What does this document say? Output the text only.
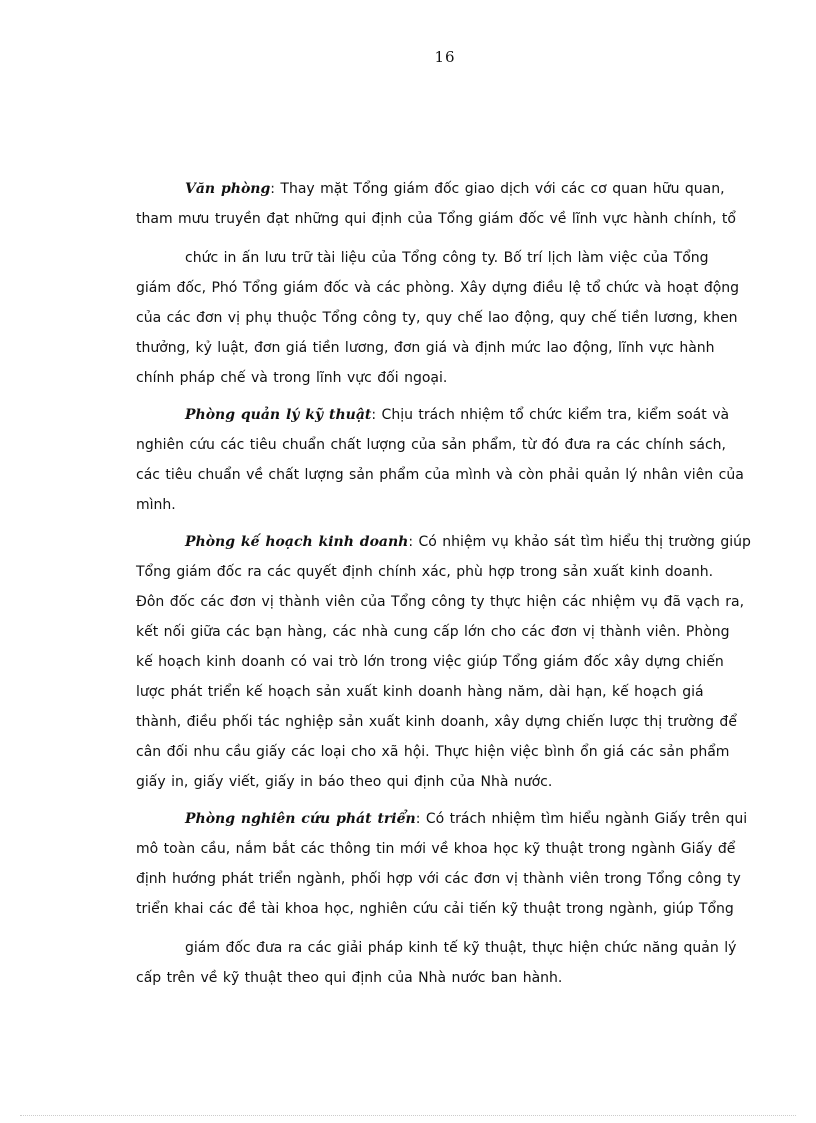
16
Văn phòng: Thay mặt Tổng giám đốc giao dịch với các cơ quan hữu quan,
tham mưu truyền đạt những qui định của Tổng giám đốc về lĩnh vực hành chính, tổ
chức in ấn lưu trữ tài liệu của Tổng công ty. Bố trí lịch làm việc của Tổng
giám đốc, Phó Tổng giám đốc và các phòng. Xây dựng điều lệ tổ chức và hoạt động
của các đơn vị phụ thuộc Tổng công ty, quy chế lao động, quy chế tiền lương, khen
thưởng, kỷ luật, đơn giá tiền lương, đơn giá và định mức lao động, lĩnh vực hành
chính pháp chế và trong lĩnh vực đối ngoại.
Phòng quản lý kỹ thuật: Chịu trách nhiệm tổ chức kiểm tra, kiểm soát và
nghiên cứu các tiêu chuẩn chất lượng của sản phẩm, từ đó đưa ra các chính sách,
các tiêu chuẩn về chất lượng sản phẩm của mình và còn phải quản lý nhân viên của
mình.
Phòng kế hoạch kinh doanh: Có nhiệm vụ khảo sát tìm hiểu thị trường giúp
Tổng giám đốc ra các quyết định chính xác, phù hợp trong sản xuất kinh doanh.
Đôn đốc các đơn vị thành viên của Tổng công ty thực hiện các nhiệm vụ đã vạch ra,
kết nối giữa các bạn hàng, các nhà cung cấp lớn cho các đơn vị thành viên. Phòng
kế hoạch kinh doanh có vai trò lớn trong việc giúp Tổng giám đốc xây dựng chiến
lược phát triển kế hoạch sản xuất kinh doanh hàng năm, dài hạn, kế hoạch giá
thành, điều phối tác nghiệp sản xuất kinh doanh, xây dựng chiến lược thị trường để
cân đối nhu cầu giấy các loại cho xã hội. Thực hiện việc bình ổn giá các sản phẩm
giấy in, giấy viết, giấy in báo theo qui định của Nhà nước.
Phòng nghiên cứu phát triển: Có trách nhiệm tìm hiểu ngành Giấy trên qui
mô toàn cầu, nắm bắt các thông tin mới về khoa học kỹ thuật trong ngành Giấy để
định hướng phát triển ngành, phối hợp với các đơn vị thành viên trong Tổng công ty
triển khai các đề tài khoa học, nghiên cứu cải tiến kỹ thuật trong ngành, giúp Tổng
giám đốc đưa ra các giải pháp kinh tế kỹ thuật, thực hiện chức năng quản lý
cấp trên về kỹ thuật theo qui định của Nhà nước ban hành.
